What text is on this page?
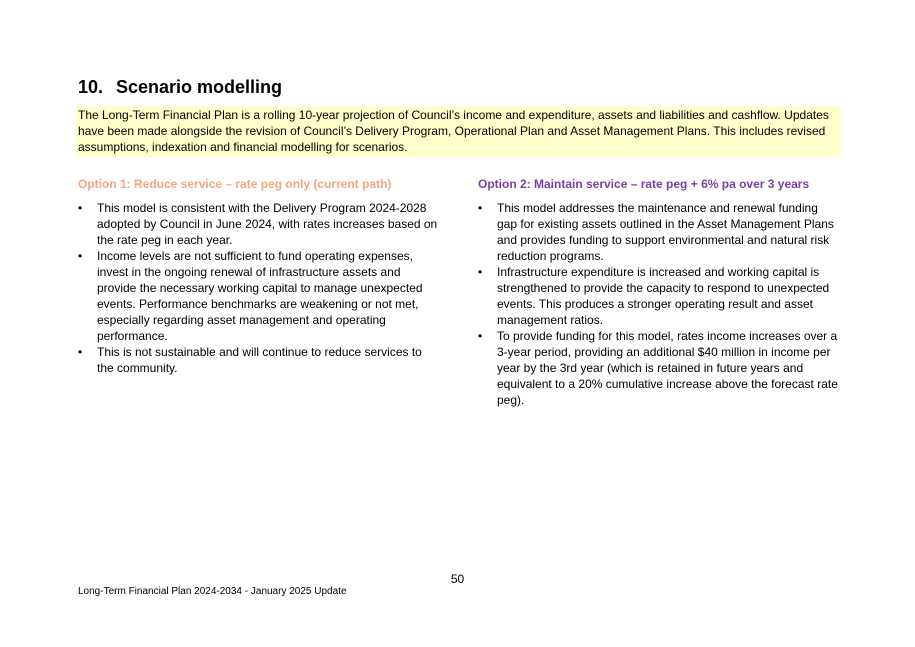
10. Scenario modelling
The Long-Term Financial Plan is a rolling 10-year projection of Council’s income and expenditure, assets and liabilities and cashflow. Updates have been made alongside the revision of Council’s Delivery Program, Operational Plan and Asset Management Plans. This includes revised assumptions, indexation and financial modelling for scenarios.
Option 1: Reduce service – rate peg only (current path)
•	This model is consistent with the Delivery Program 2024-2028 adopted by Council in June 2024, with rates increases based on the rate peg in each year.
•	Income levels are not sufficient to fund operating expenses, invest in the ongoing renewal of infrastructure assets and provide the necessary working capital to manage unexpected events. Performance benchmarks are weakening or not met, especially regarding asset management and operating performance.
•	This is not sustainable and will continue to reduce services to the community.
Option 2: Maintain service – rate peg + 6% pa over 3 years
•	This model addresses the maintenance and renewal funding gap for existing assets outlined in the Asset Management Plans and provides funding to support environmental and natural risk reduction programs.
•	Infrastructure expenditure is increased and working capital is strengthened to provide the capacity to respond to unexpected events. This produces a stronger operating result and asset management ratios.
•	To provide funding for this model, rates income increases over a 3-year period, providing an additional $40 million in income per year by the 3rd year (which is retained in future years and equivalent to a 20% cumulative increase above the forecast rate peg).
50
Long-Term Financial Plan 2024-2034 - January 2025 Update
